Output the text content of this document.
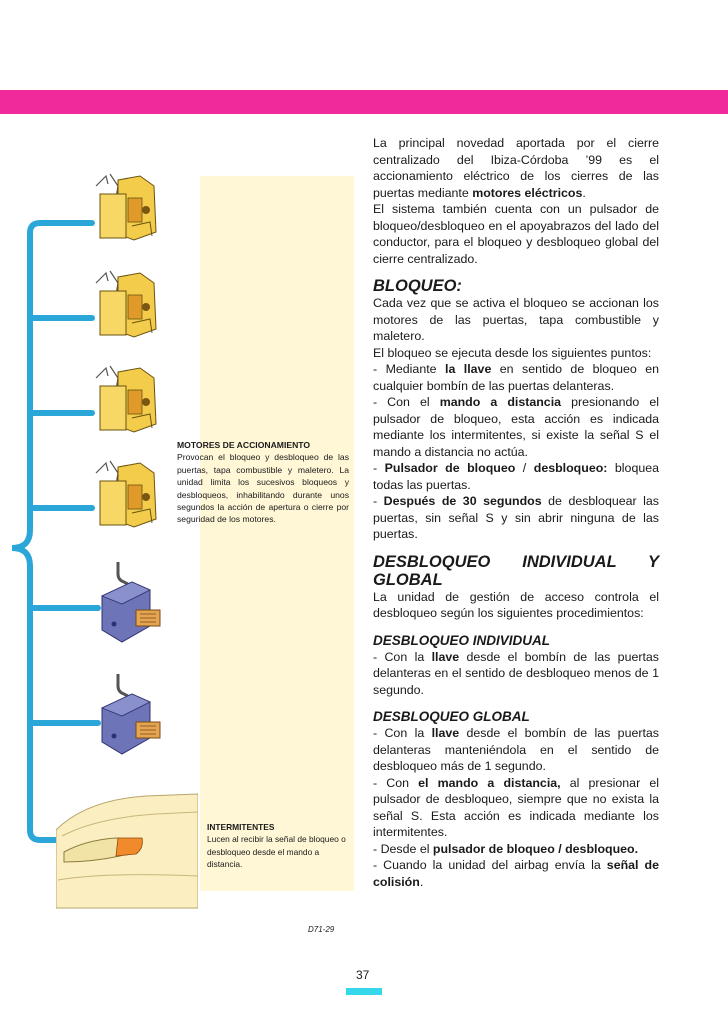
MOTORES DE ACCIONAMIENTO
Provocan el bloqueo y desbloqueo de las puertas, tapa combustible y maletero. La unidad limita los sucesivos bloqueos y desbloqueos, inhabilitando durante unos segundos la acción de apertura o cierre por seguridad de los motores.
INTERMITENTES
Lucen al recibir la señal de bloqueo o desbloqueo desde el mando a distancia.

La principal novedad aportada por el cierre centralizado del Ibiza-Córdoba ’99 es el accionamiento eléctrico de los cierres de las puertas mediante motores eléctricos.

El sistema también cuenta con un pulsador de bloqueo/desbloqueo en el apoyabrazos del lado del conductor, para el bloqueo y desbloqueo global del cierre centralizado.

BLOQUEO:

Cada vez que se activa el bloqueo se accionan los motores de las puertas, tapa combustible y maletero.

El bloqueo se ejecuta desde los siguientes puntos:

- Mediante la llave en sentido de bloqueo en cualquier bombín de las puertas delanteras.

- Con el mando a distancia presionando el pulsador de bloqueo, esta acción es indicada mediante los intermitentes, si existe la señal S el mando a distancia no actúa.

- Pulsador de bloqueo / desbloqueo: bloquea todas las puertas.

- Después de 30 segundos de desbloquear las puertas, sin señal S y sin abrir ninguna de las puertas.

DESBLOQUEO INDIVIDUAL Y GLOBAL

La unidad de gestión de acceso controla el desbloqueo según los siguientes procedimientos:

DESBLOQUEO INDIVIDUAL

- Con la llave desde el bombín de las puertas delanteras en el sentido de desbloqueo menos de 1 segundo.

DESBLOQUEO GLOBAL

- Con la llave desde el bombín de las puertas delanteras manteniéndola en el sentido de desbloqueo más de 1 segundo.

- Con el mando a distancia, al presionar el pulsador de desbloqueo, siempre que no exista la señal S. Esta acción es indicada mediante los intermitentes.

- Desde el pulsador de bloqueo / desbloqueo.

- Cuando la unidad del airbag envía la señal de colisión.

D71-29
37
